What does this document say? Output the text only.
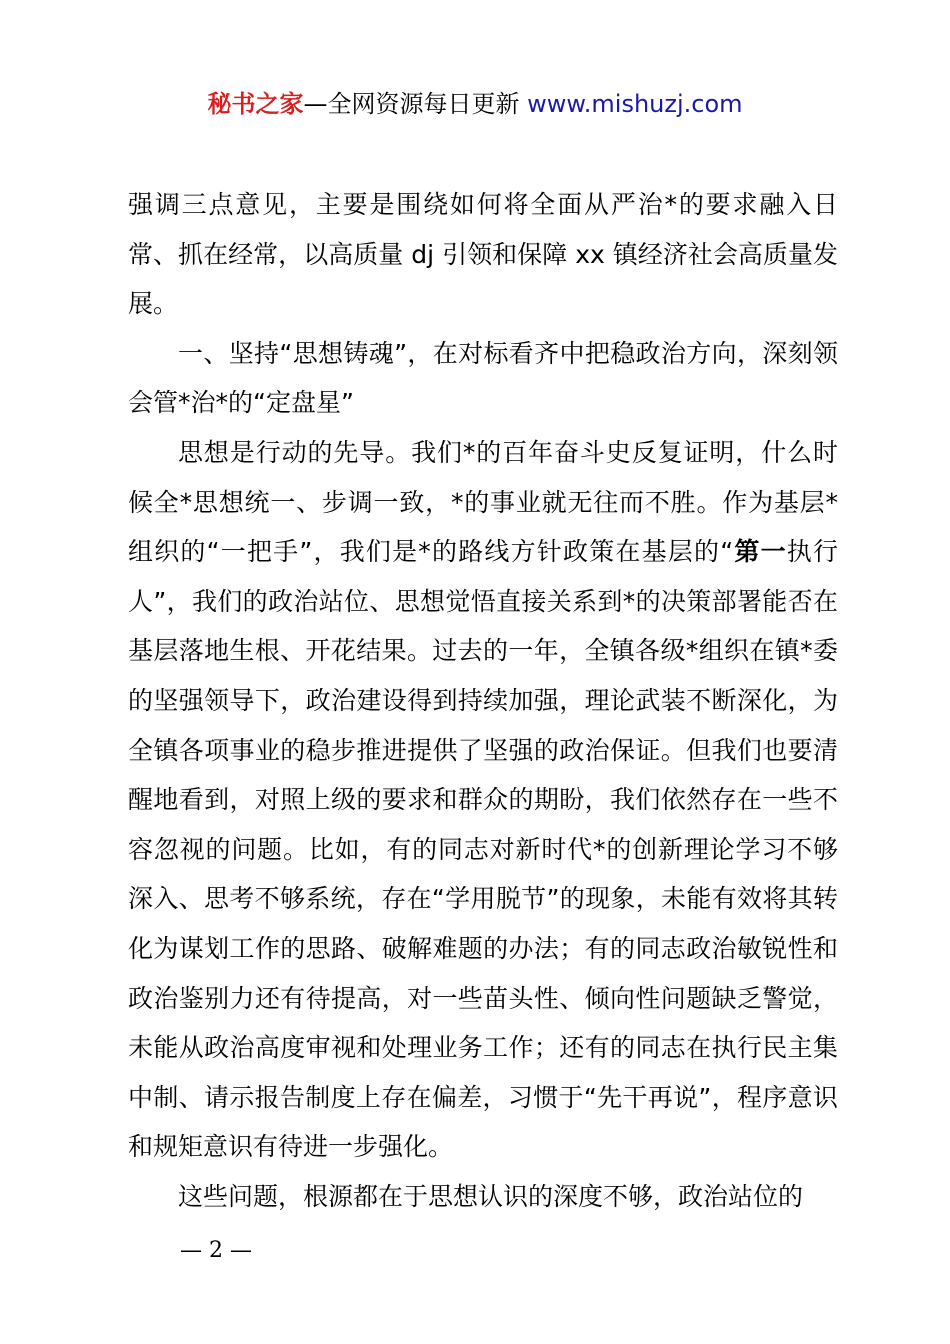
秘书之家—全网资源每日更新 www.mishuzj.com

强调三点意见，主要是围绕如何将全面从严治*的要求融入日常、抓在经常，以高质量 dj 引领和保障 xx 镇经济社会高质量发展。

一、坚持“思想铸魂”，在对标看齐中把稳政治方向，深刻领会管*治*的“定盘星”

思想是行动的先导。我们*的百年奋斗史反复证明，什么时候全*思想统一、步调一致，*的事业就无往而不胜。作为基层*组织的“一把手”，我们是*的路线方针政策在基层的“第一执行人”，我们的政治站位、思想觉悟直接关系到*的决策部署能否在基层落地生根、开花结果。过去的一年，全镇各级*组织在镇*委的坚强领导下，政治建设得到持续加强，理论武装不断深化，为全镇各项事业的稳步推进提供了坚强的政治保证。但我们也要清醒地看到，对照上级的要求和群众的期盼，我们依然存在一些不容忽视的问题。比如，有的同志对新时代*的创新理论学习不够深入、思考不够系统，存在“学用脱节”的现象，未能有效将其转化为谋划工作的思路、破解难题的办法；有的同志政治敏锐性和政治鉴别力还有待提高，对一些苗头性、倾向性问题缺乏警觉，未能从政治高度审视和处理业务工作；还有的同志在执行民主集中制、请示报告制度上存在偏差，习惯于“先干再说”，程序意识和规矩意识有待进一步强化。

这些问题，根源都在于思想认识的深度不够，政治站位的

— 2 —
